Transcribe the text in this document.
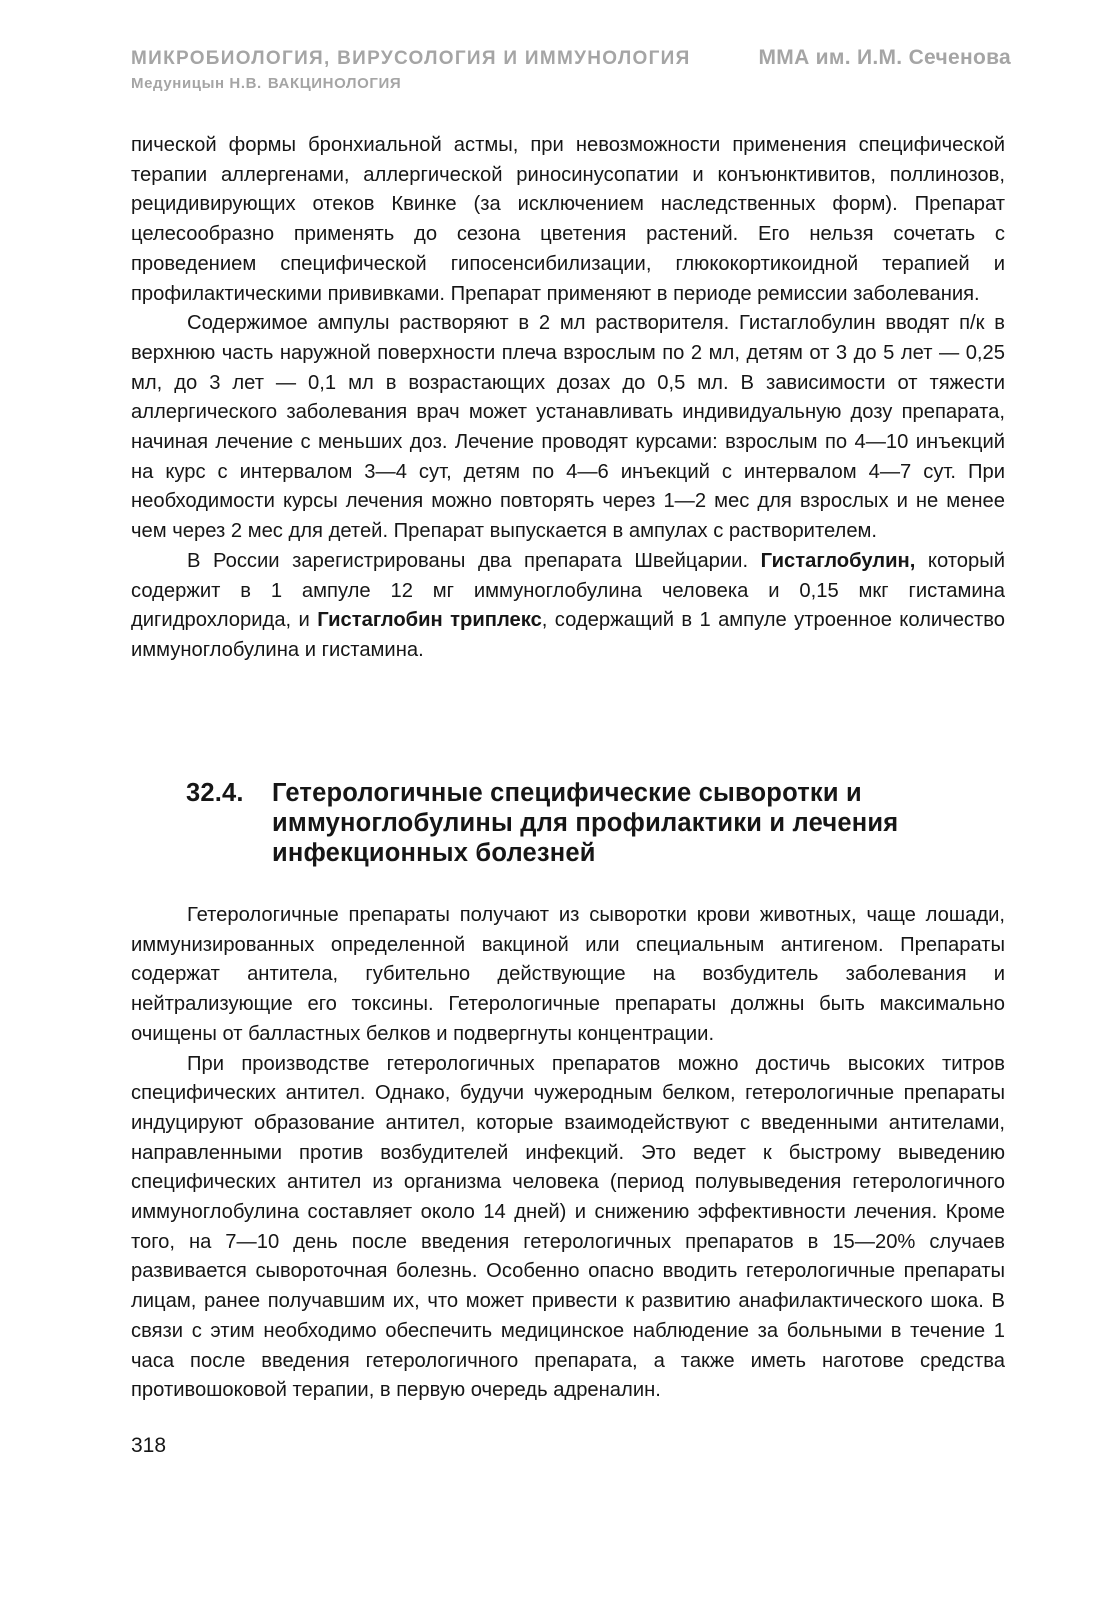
МИКРОБИОЛОГИЯ, ВИРУСОЛОГИЯ И ИММУНОЛОГИЯ	ММА им. И.М. Сеченова
Медуницын Н.В. ВАКЦИНОЛОГИЯ

пической формы бронхиальной астмы, при невозможности применения специфической терапии аллергенами, аллергической риносинусопатии и конъюнктивитов, поллинозов, рецидивирующих отеков Квинке (за исключением наследственных форм). Препарат целесообразно применять до сезона цветения растений. Его нельзя сочетать с проведением специфической гипосенсибилизации, глюкокортикоидной терапией и профилактическими прививками. Препарат применяют в периоде ремиссии заболевания.

Содержимое ампулы растворяют в 2 мл растворителя. Гистаглобулин вводят п/к в верхнюю часть наружной поверхности плеча взрослым по 2 мл, детям от 3 до 5 лет — 0,25 мл, до 3 лет — 0,1 мл в возрастающих дозах до 0,5 мл. В зависимости от тяжести аллергического заболевания врач может устанавливать индивидуальную дозу препарата, начиная лечение с меньших доз. Лечение проводят курсами: взрослым по 4—10 инъекций на курс с интервалом 3—4 сут, детям по 4—6 инъекций с интервалом 4—7 сут. При необходимости курсы лечения можно повторять через 1—2 мес для взрослых и не менее чем через 2 мес для детей. Препарат выпускается в ампулах с растворителем.

В России зарегистрированы два препарата Швейцарии. Гистаглобулин, который содержит в 1 ампуле 12 мг иммуноглобулина человека и 0,15 мкг гистамина дигидрохлорида, и Гистаглобин триплекс, содержащий в 1 ампуле утроенное количество иммуноглобулина и гистамина.

32.4.	Гетерологичные специфические сыворотки и иммуноглобулины для профилактики и лечения инфекционных болезней

Гетерологичные препараты получают из сыворотки крови животных, чаще лошади, иммунизированных определенной вакциной или специальным антигеном. Препараты содержат антитела, губительно действующие на возбудитель заболевания и нейтрализующие его токсины. Гетерологичные препараты должны быть максимально очищены от балластных белков и подвергнуты концентрации.

При производстве гетерологичных препаратов можно достичь высоких титров специфических антител. Однако, будучи чужеродным белком, гетерологичные препараты индуцируют образование антител, которые взаимодействуют с введенными антителами, направленными против возбудителей инфекций. Это ведет к быстрому выведению специфических антител из организма человека (период полувыведения гетерологичного иммуноглобулина составляет около 14 дней) и снижению эффективности лечения. Кроме того, на 7—10 день после введения гетерологичных препаратов в 15—20% случаев развивается сывороточная болезнь. Особенно опасно вводить гетерологичные препараты лицам, ранее получавшим их, что может привести к развитию анафилактического шока. В связи с этим необходимо обеспечить медицинское наблюдение за больными в течение 1 часа после введения гетерологичного препарата, а также иметь наготове средства противошоковой терапии, в первую очередь адреналин.

318
